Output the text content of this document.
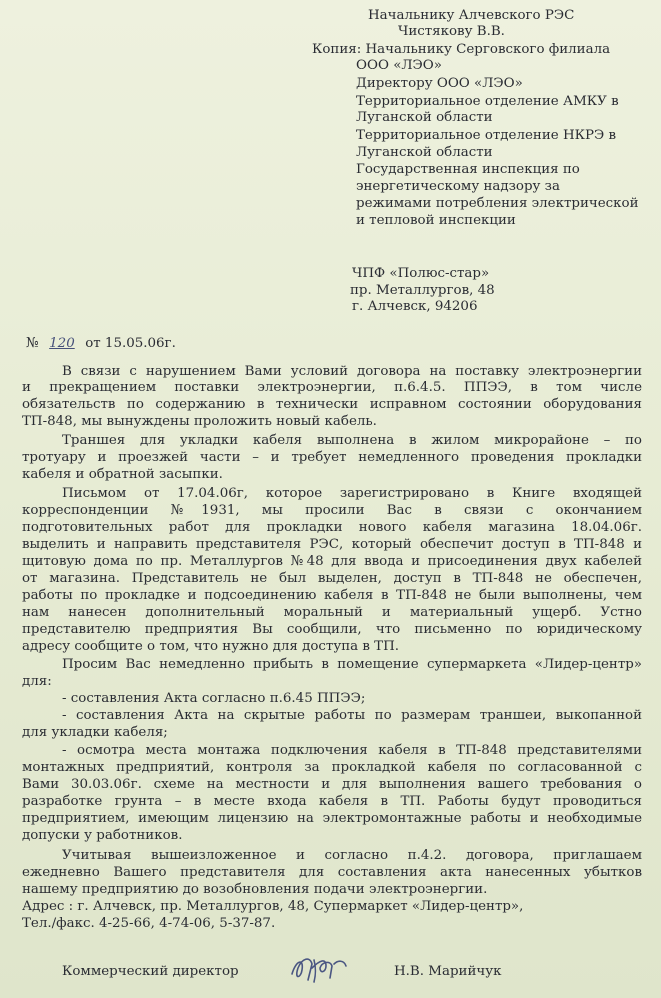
Начальнику Алчевского РЭС
Чистякову В.В.
Копия: Начальнику Серговского филиала
ООО «ЛЭО»
Директору ООО «ЛЭО»
Территориальное отделение АМКУ в
Луганской области
Территориальное отделение НКРЭ в
Луганской области
Государственная инспекция по
энергетическому надзору за
режимами потребления электрической
и тепловой инспекции
ЧПФ «Полюс-стар»
пр. Металлургов, 48
г. Алчевск, 94206
№ 120 от 15.05.06г.
В связи с нарушением Вами условий договора на поставку электроэнергии
и прекращением поставки электроэнергии, п.6.4.5. ППЭЭ, в том числе
обязательств по содержанию в технически исправном состоянии оборудования
ТП-848, мы вынуждены проложить новый кабель.
Траншея для укладки кабеля выполнена в жилом микрорайоне – по
тротуару и проезжей части – и требует немедленного проведения прокладки
кабеля и обратной засыпки.
Письмом от 17.04.06г, которое зарегистрировано в Книге входящей
корреспонденции №1931, мы просили Вас в связи с окончанием
подготовительных работ для прокладки нового кабеля магазина 18.04.06г.
выделить и направить представителя РЭС, который обеспечит доступ в ТП-848 и
щитовую дома по пр. Металлургов №48 для ввода и присоединения двух кабелей
от магазина. Представитель не был выделен, доступ в ТП-848 не обеспечен,
работы по прокладке и подсоединению кабеля в ТП-848 не были выполнены, чем
нам нанесен дополнительный моральный и материальный ущерб. Устно
представителю предприятия Вы сообщили, что письменно по юридическому
адресу сообщите о том, что нужно для доступа в ТП.
Просим Вас немедленно прибыть в помещение супермаркета «Лидер-центр»
для:
- составления Акта согласно п.6.45 ППЭЭ;
- составления Акта на скрытые работы по размерам траншеи, выкопанной
для укладки кабеля;
- осмотра места монтажа подключения кабеля в ТП-848 представителями
монтажных предприятий, контроля за прокладкой кабеля по согласованной с
Вами 30.03.06г. схеме на местности и для выполнения вашего требования о
разработке грунта – в месте входа кабеля в ТП. Работы будут проводиться
предприятием, имеющим лицензию на электромонтажные работы и необходимые
допуски у работников.
Учитывая вышеизложенное и согласно п.4.2. договора, приглашаем
ежедневно Вашего представителя для составления акта нанесенных убытков
нашему предприятию до возобновления подачи электроэнергии.
Адрес : г. Алчевск, пр. Металлургов, 48, Супермаркет «Лидер-центр»,
Тел./факс. 4-25-66, 4-74-06, 5-37-87.
Коммерческий директор	Н.В. Марийчук
